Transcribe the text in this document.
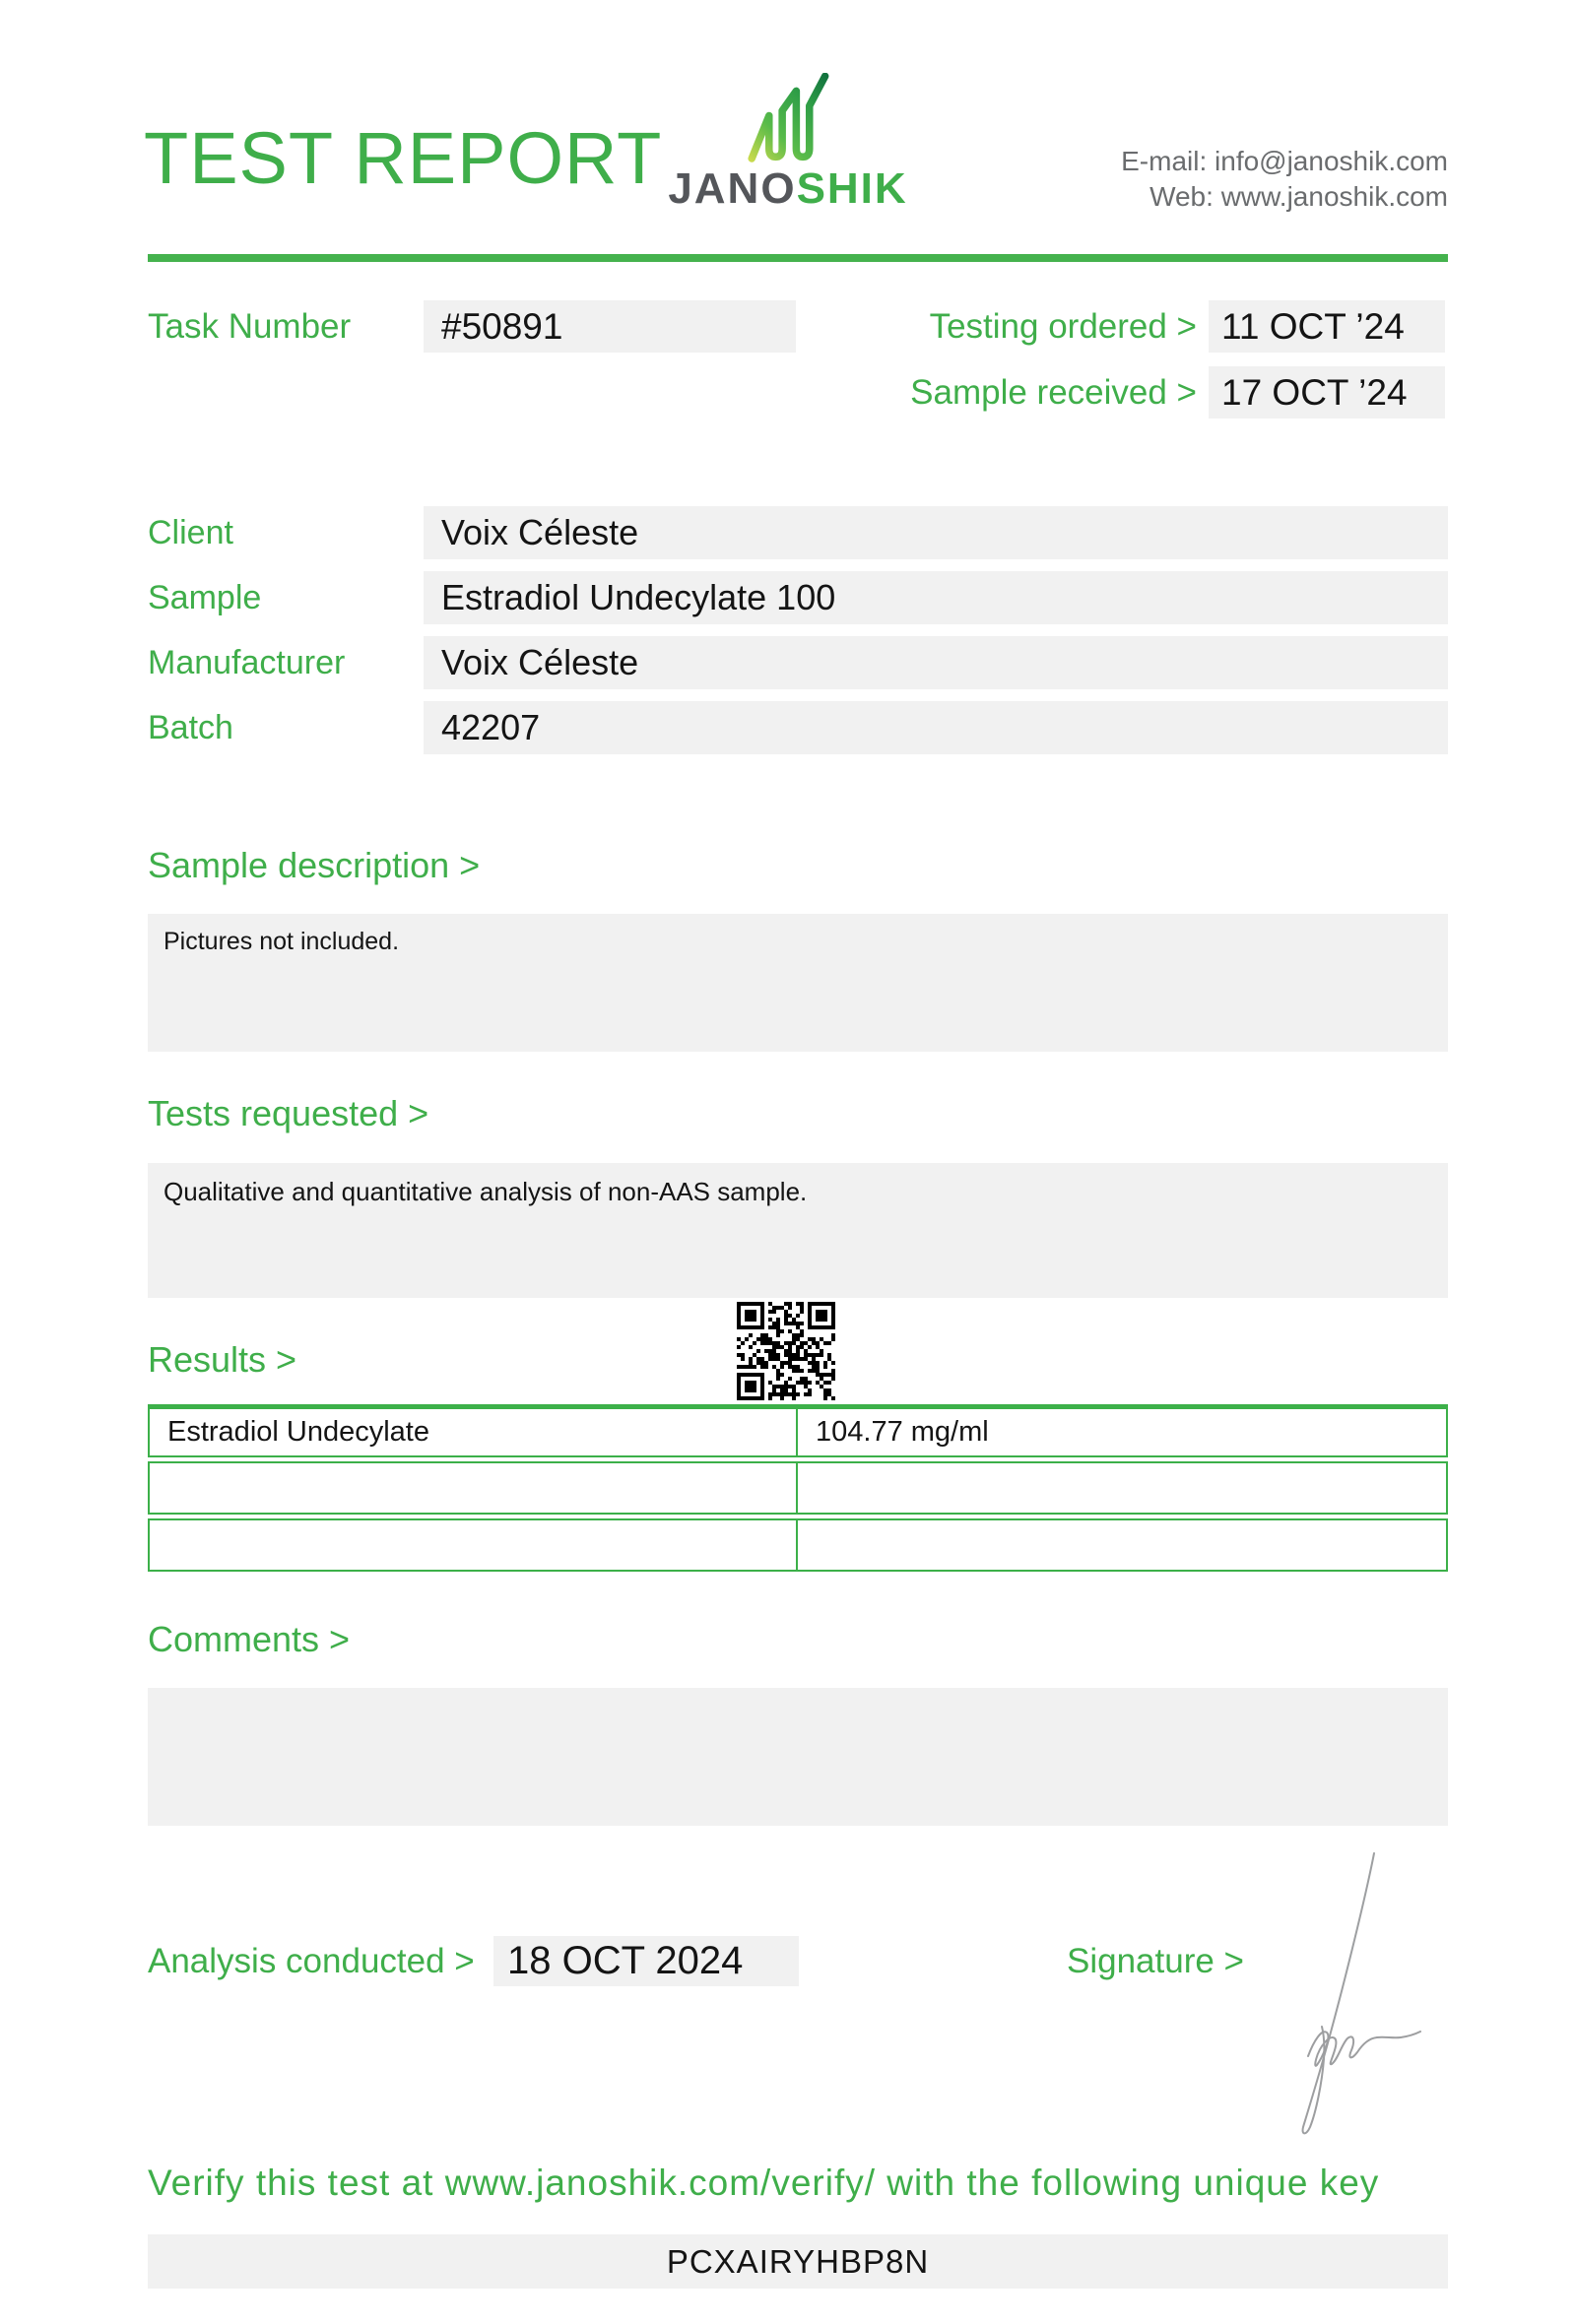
TEST REPORT JANOSHIK
E-mail: info@janoshik.com
Web: www.janoshik.com
Task Number	#50891	Testing ordered > 11 OCT ’24
Sample received > 17 OCT ’24
Client	Voix Céleste
Sample	Estradiol Undecylate 100
Manufacturer	Voix Céleste
Batch	42207
Sample description >
Pictures not included.
Tests requested >
Qualitative and quantitative analysis of non-AAS sample.
Results >
Estradiol Undecylate	104.77 mg/ml
Comments >
Analysis conducted > 18 OCT 2024	Signature >
Verify this test at www.janoshik.com/verify/ with the following unique key
PCXAIRYHBP8N
